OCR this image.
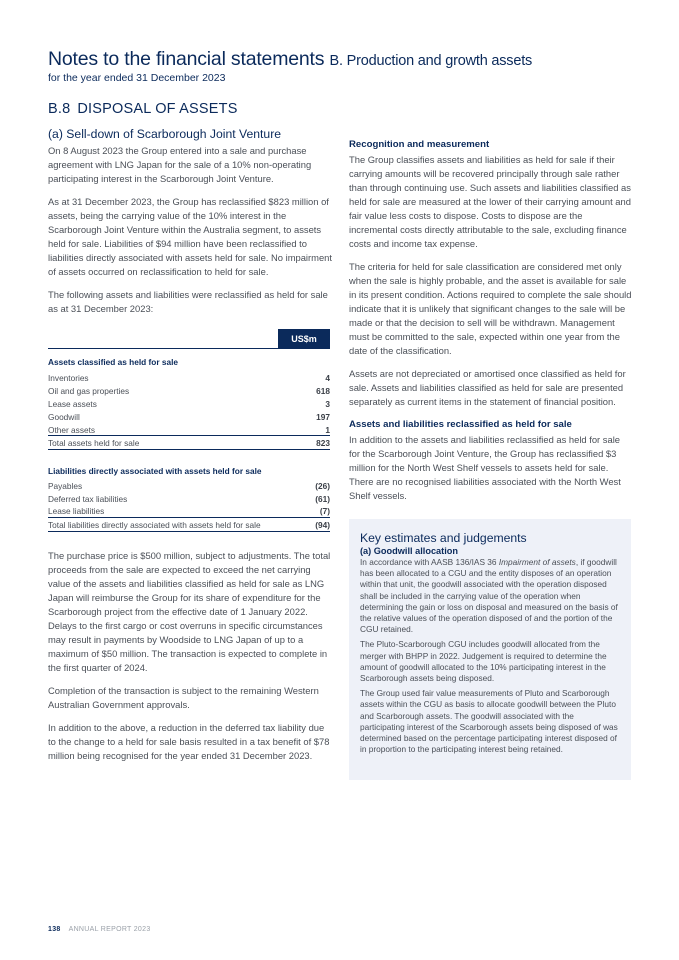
Notes to the financial statements B. Production and growth assets
for the year ended 31 December 2023
B.8 DISPOSAL OF ASSETS
(a) Sell-down of Scarborough Joint Venture

On 8 August 2023 the Group entered into a sale and purchase agreement with LNG Japan for the sale of a 10% non-operating participating interest in the Scarborough Joint Venture.

As at 31 December 2023, the Group has reclassified $823 million of assets, being the carrying value of the 10% interest in the Scarborough Joint Venture within the Australia segment, to assets held for sale. Liabilities of $94 million have been reclassified to liabilities directly associated with assets held for sale. No impairment of assets occurred on reclassification to held for sale.

The following assets and liabilities were reclassified as held for sale as at 31 December 2023:

US$m
Assets classified as held for sale
Inventories	4
Oil and gas properties	618
Lease assets	3
Goodwill	197
Other assets	1
Total assets held for sale	823
Liabilities directly associated with assets held for sale
Payables	(26)
Deferred tax liabilities	(61)
Lease liabilities	(7)
Total liabilities directly associated with assets held for sale	(94)

The purchase price is $500 million, subject to adjustments. The total proceeds from the sale are expected to exceed the net carrying value of the assets and liabilities classified as held for sale as LNG Japan will reimburse the Group for its share of expenditure for the Scarborough project from the effective date of 1 January 2022. Delays to the first cargo or cost overruns in specific circumstances may result in payments by Woodside to LNG Japan of up to a maximum of $50 million. The transaction is expected to complete in the first quarter of 2024.

Completion of the transaction is subject to the remaining Western Australian Government approvals.

In addition to the above, a reduction in the deferred tax liability due to the change to a held for sale basis resulted in a tax benefit of $78 million being recognised for the year ended 31 December 2023.

Recognition and measurement

The Group classifies assets and liabilities as held for sale if their carrying amounts will be recovered principally through sale rather than through continuing use. Such assets and liabilities classified as held for sale are measured at the lower of their carrying amount and fair value less costs to dispose. Costs to dispose are the incremental costs directly attributable to the sale, excluding finance costs and income tax expense.

The criteria for held for sale classification are considered met only when the sale is highly probable, and the asset is available for sale in its present condition. Actions required to complete the sale should indicate that it is unlikely that significant changes to the sale will be made or that the decision to sell will be withdrawn. Management must be committed to the sale, expected within one year from the date of the classification.

Assets are not depreciated or amortised once classified as held for sale. Assets and liabilities classified as held for sale are presented separately as current items in the statement of financial position.

Assets and liabilities reclassified as held for sale

In addition to the assets and liabilities reclassified as held for sale for the Scarborough Joint Venture, the Group has reclassified $3 million for the North West Shelf vessels to assets held for sale. There are no recognised liabilities associated with the North West Shelf vessels.

Key estimates and judgements
(a) Goodwill allocation

In accordance with AASB 136/IAS 36 Impairment of assets, if goodwill has been allocated to a CGU and the entity disposes of an operation within that unit, the goodwill associated with the operation disposed shall be included in the carrying value of the operation when determining the gain or loss on disposal and measured on the basis of the relative values of the operation disposed of and the portion of the CGU retained.

The Pluto-Scarborough CGU includes goodwill allocated from the merger with BHPP in 2022. Judgement is required to determine the amount of goodwill allocated to the 10% participating interest in the Scarborough assets being disposed.

The Group used fair value measurements of Pluto and Scarborough assets within the CGU as basis to allocate goodwill between the Pluto and Scarborough assets. The goodwill associated with the participating interest of the Scarborough assets being disposed of was determined based on the percentage participating interest disposed of in proportion to the participating interest being retained.

138 ANNUAL REPORT 2023
